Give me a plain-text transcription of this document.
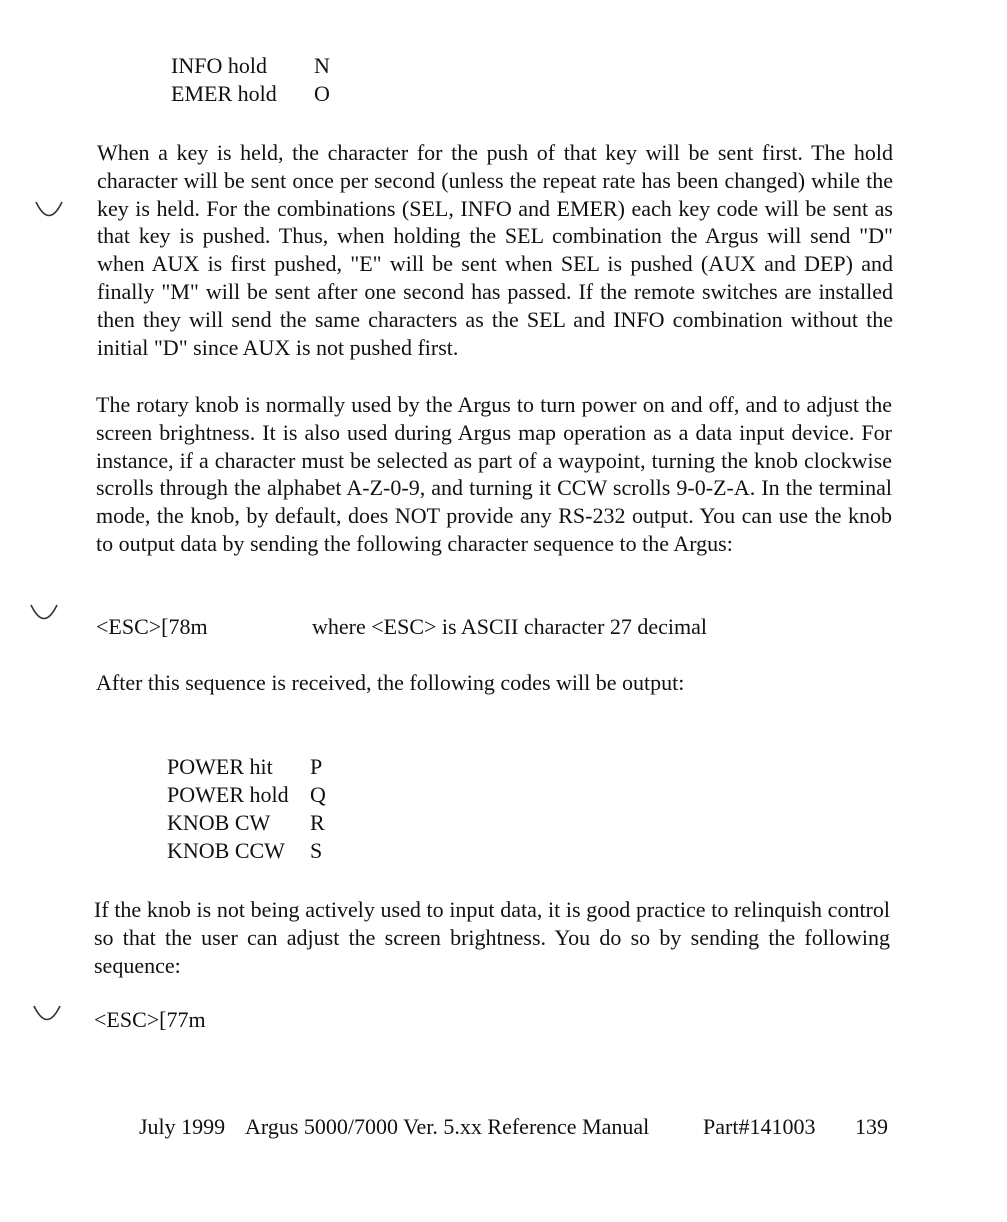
INFO hold N
EMER hold O

When a key is held, the character for the push of that key will be sent first. The hold character will be sent once per second (unless the repeat rate has been changed) while the key is held. For the combinations (SEL, INFO and EMER) each key code will be sent as that key is pushed. Thus, when holding the SEL combination the Argus will send "D" when AUX is first pushed, "E" will be sent when SEL is pushed (AUX and DEP) and finally "M" will be sent after one second has passed. If the remote switches are installed then they will send the same characters as the SEL and INFO combination without the initial "D" since AUX is not pushed first.

The rotary knob is normally used by the Argus to turn power on and off, and to adjust the screen brightness. It is also used during Argus map operation as a data input device. For instance, if a character must be selected as part of a waypoint, turning the knob clockwise scrolls through the alphabet A-Z-0-9, and turning it CCW scrolls 9-0-Z-A. In the terminal mode, the knob, by default, does NOT provide any RS-232 output. You can use the knob to output data by sending the following character sequence to the Argus:

<ESC>[78m	where <ESC> is ASCII character 27 decimal

After this sequence is received, the following codes will be output:

POWER hit P
POWER hold Q
KNOB CW R
KNOB CCW S

If the knob is not being actively used to input data, it is good practice to relinquish control so that the user can adjust the screen brightness. You do so by sending the following sequence:

<ESC>[77m
July 1999 Argus 5000/7000 Ver. 5.xx Reference Manual Part#141003 139
